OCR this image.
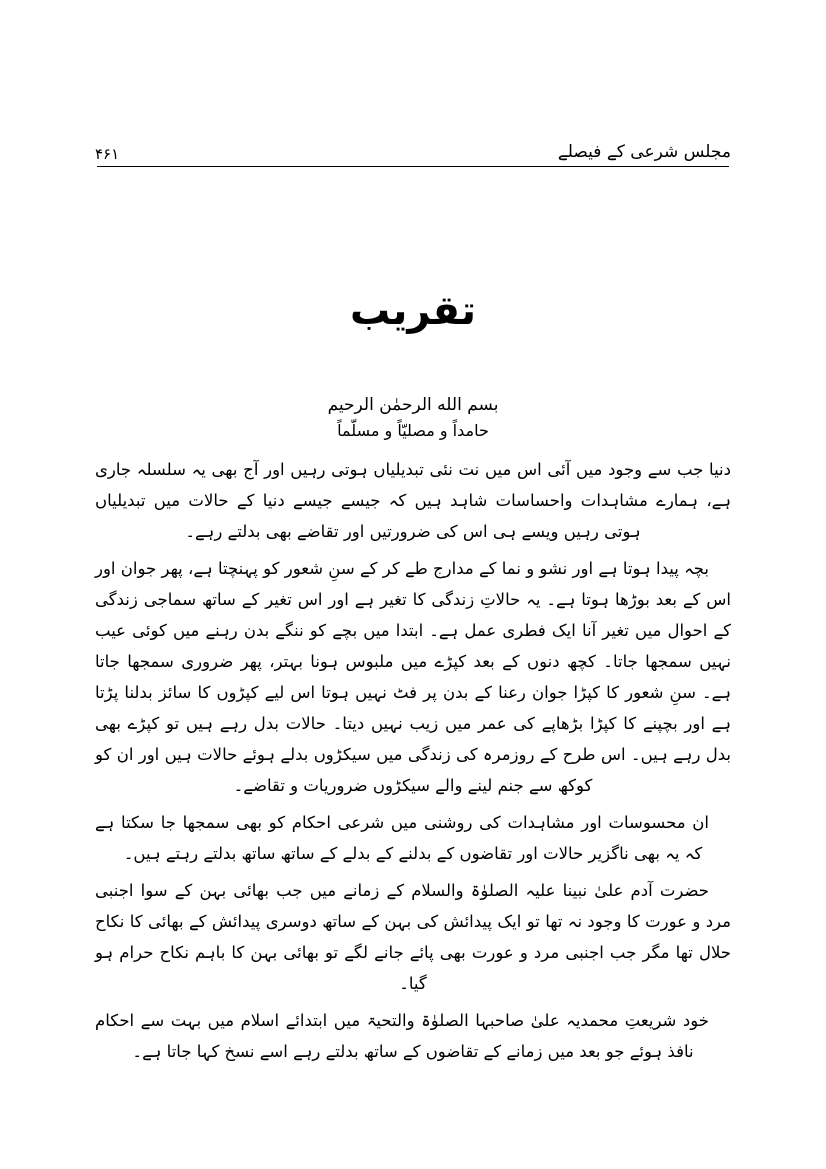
مجلس شرعی کے فیصلے
۴۶۱
تقریب
بسم الله الرحمٰن الرحیم
حامداً و مصلیّاً و مسلّماً

دنیا جب سے وجود میں آئی اس میں نت نئی تبدیلیاں ہوتی رہیں اور آج بھی یہ سلسلہ جاری ہے، ہمارے مشاہدات واحساسات شاہد ہیں کہ جیسے جیسے دنیا کے حالات میں تبدیلیاں ہوتی رہیں ویسے ہی اس کی ضرورتیں اور تقاضے بھی بدلتے رہے۔

بچہ پیدا ہوتا ہے اور نشو و نما کے مدارج طے کر کے سنِ شعور کو پہنچتا ہے، پھر جوان اور اس کے بعد بوڑھا ہوتا ہے۔ یہ حالاتِ زندگی کا تغیر ہے اور اس تغیر کے ساتھ سماجی زندگی کے احوال میں تغیر آنا ایک فطری عمل ہے۔ ابتدا میں بچے کو ننگے بدن رہنے میں کوئی عیب نہیں سمجھا جاتا۔ کچھ دنوں کے بعد کپڑے میں ملبوس ہونا بہتر، پھر ضروری سمجھا جاتا ہے۔ سنِ شعور کا کپڑا جوان رعنا کے بدن پر فٹ نہیں ہوتا اس لیے کپڑوں کا سائز بدلنا پڑتا ہے اور بچپنے کا کپڑا بڑھاپے کی عمر میں زیب نہیں دیتا۔ حالات بدل رہے ہیں تو کپڑے بھی بدل رہے ہیں۔ اس طرح کے روزمرہ کی زندگی میں سیکڑوں بدلے ہوئے حالات ہیں اور ان کو کوکھ سے جنم لینے والے سیکڑوں ضروریات و تقاضے۔

ان محسوسات اور مشاہدات کی روشنی میں شرعی احکام کو بھی سمجھا جا سکتا ہے کہ یہ بھی ناگزیر حالات اور تقاضوں کے بدلنے کے بدلے کے ساتھ ساتھ بدلتے رہتے ہیں۔

حضرت آدم علیٰ نبینا علیہ الصلوٰۃ والسلام کے زمانے میں جب بھائی بہن کے سوا اجنبی مرد و عورت کا وجود نہ تھا تو ایک پیدائش کی بہن کے ساتھ دوسری پیدائش کے بھائی کا نکاح حلال تھا مگر جب اجنبی مرد و عورت بھی پائے جانے لگے تو بھائی بہن کا باہم نکاح حرام ہو گیا۔

خود شریعتِ محمدیہ علیٰ صاحبہا الصلوٰۃ والتحیۃ میں ابتدائے اسلام میں بہت سے احکام نافذ ہوئے جو بعد میں زمانے کے تقاضوں کے ساتھ بدلتے رہے اسے نسخ کہا جاتا ہے۔
